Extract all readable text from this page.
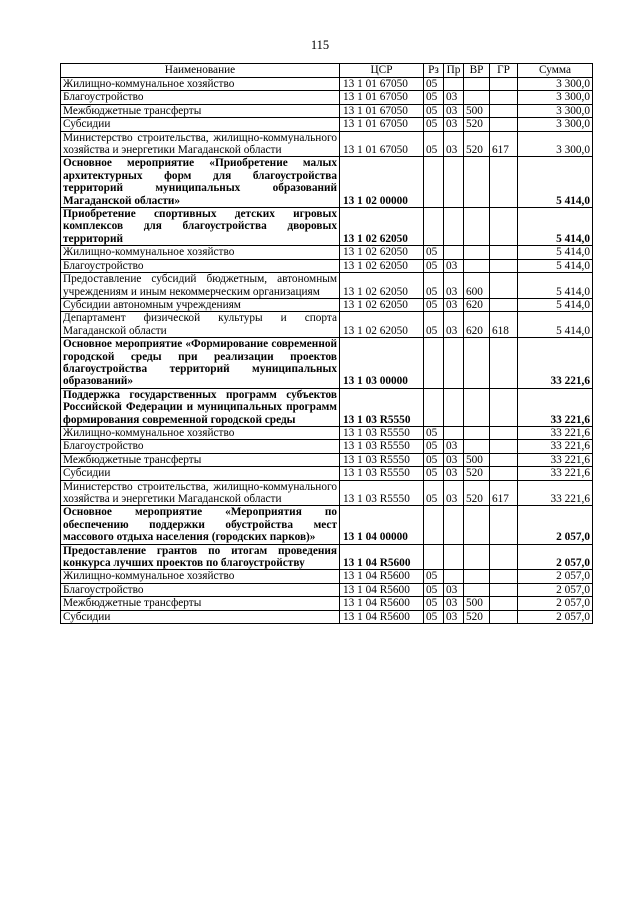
115
Наименование	ЦСР	Рз	Пр	ВР	ГР	Сумма
Жилищно-коммунальное хозяйство	13 1 01 67050	05				3 300,0
Благоустройство	13 1 01 67050	05	03			3 300,0
Межбюджетные трансферты	13 1 01 67050	05	03	500		3 300,0
Субсидии	13 1 01 67050	05	03	520		3 300,0
Министерство строительства, жилищно-коммунального хозяйства и энергетики Магаданской области	13 1 01 67050	05	03	520	617	3 300,0
Основное мероприятие «Приобретение малых архитектурных форм для благоустройства территорий муниципальных образований Магаданской области»	13 1 02 00000					5 414,0
Приобретение спортивных детских игровых комплексов для благоустройства дворовых территорий	13 1 02 62050					5 414,0
Жилищно-коммунальное хозяйство	13 1 02 62050	05				5 414,0
Благоустройство	13 1 02 62050	05	03			5 414,0
Предоставление субсидий бюджетным, автономным учреждениям и иным некоммерческим организациям	13 1 02 62050	05	03	600		5 414,0
Субсидии автономным учреждениям	13 1 02 62050	05	03	620		5 414,0
Департамент физической культуры и спорта Магаданской области	13 1 02 62050	05	03	620	618	5 414,0
Основное мероприятие «Формирование современной городской среды при реализации проектов благоустройства территорий муниципальных образований»	13 1 03 00000					33 221,6
Поддержка государственных программ субъектов Российской Федерации и муниципальных программ формирования современной городской среды	13 1 03 R5550					33 221,6
Жилищно-коммунальное хозяйство	13 1 03 R5550	05				33 221,6
Благоустройство	13 1 03 R5550	05	03			33 221,6
Межбюджетные трансферты	13 1 03 R5550	05	03	500		33 221,6
Субсидии	13 1 03 R5550	05	03	520		33 221,6
Министерство строительства, жилищно-коммунального хозяйства и энергетики Магаданской области	13 1 03 R5550	05	03	520	617	33 221,6
Основное мероприятие «Мероприятия по обеспечению поддержки обустройства мест массового отдыха населения (городских парков)»	13 1 04 00000					2 057,0
Предоставление грантов по итогам проведения конкурса лучших проектов по благоустройству	13 1 04 R5600					2 057,0
Жилищно-коммунальное хозяйство	13 1 04 R5600	05				2 057,0
Благоустройство	13 1 04 R5600	05	03			2 057,0
Межбюджетные трансферты	13 1 04 R5600	05	03	500		2 057,0
Субсидии	13 1 04 R5600	05	03	520		2 057,0
